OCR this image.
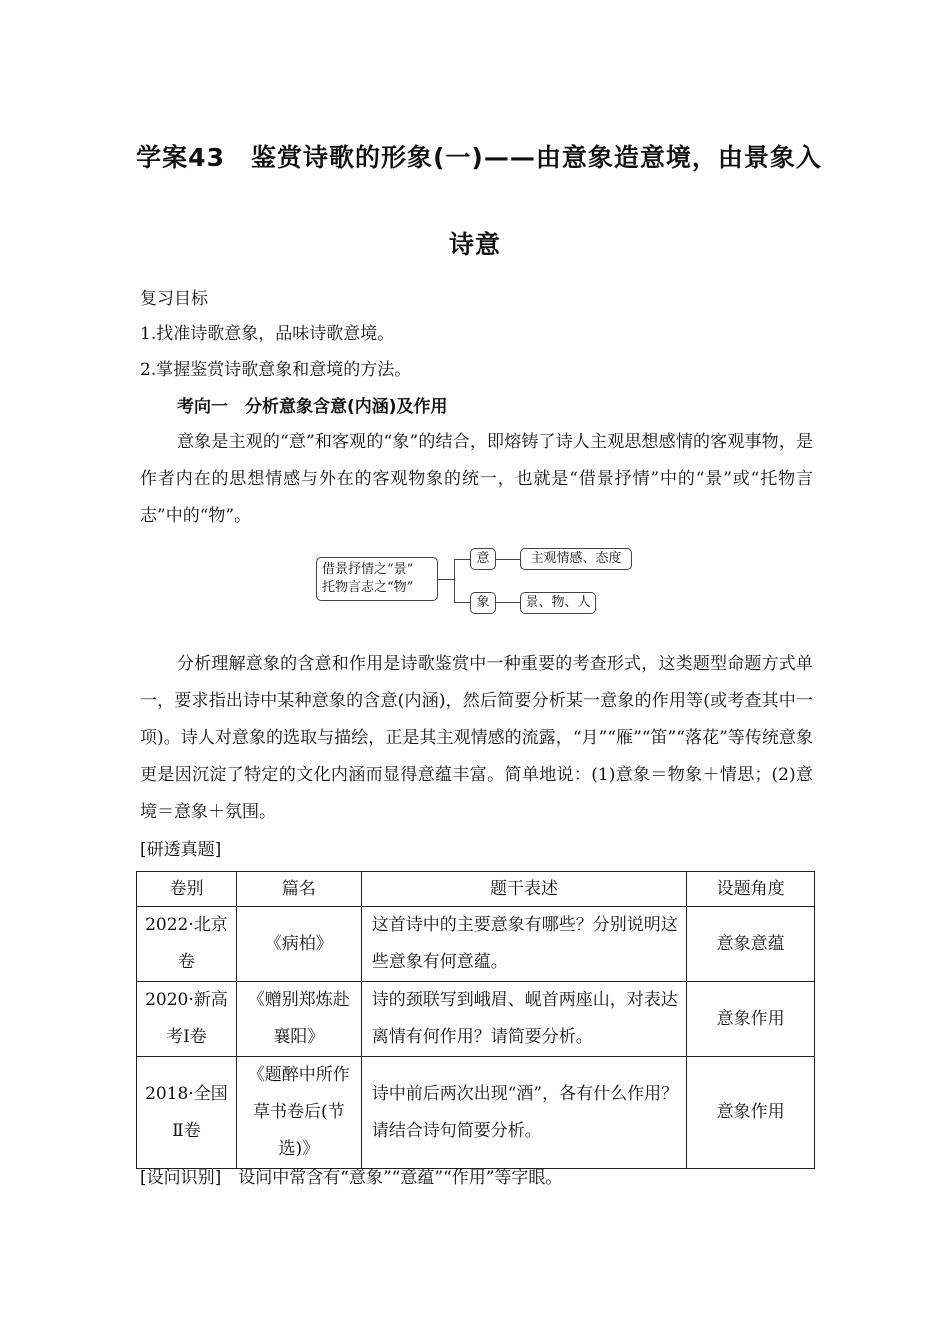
学案43　鉴赏诗歌的形象(一)——由意象造意境，由景象入
诗意
复习目标
1.找准诗歌意象，品味诗歌意境。
2.掌握鉴赏诗歌意象和意境的方法。
考向一　分析意象含意(内涵)及作用
意象是主观的“意”和客观的“象”的结合，即熔铸了诗人主观思想感情的客观事物，是作者内在的思想情感与外在的客观物象的统一，也就是“借景抒情”中的“景”或“托物言志”中的“物”。
借景抒情之“景”
托物言志之“物”
意
象
主观情感、态度
景、物、人
分析理解意象的含意和作用是诗歌鉴赏中一种重要的考查形式，这类题型命题方式单一，要求指出诗中某种意象的含意(内涵)，然后简要分析某一意象的作用等(或考查其中一项)。诗人对意象的选取与描绘，正是其主观情感的流露，“月”“雁”“笛”“落花”等传统意象更是因沉淀了特定的文化内涵而显得意蕴丰富。简单地说：(1)意象＝物象＋情思；(2)意境＝意象＋氛围。
[研透真题]
卷别	篇名	题干表述	设题角度
2022·北京卷	《病柏》	这首诗中的主要意象有哪些？分别说明这些意象有何意蕴。	意象意蕴
2020·新高考Ⅰ卷	《赠别郑炼赴襄阳》	诗的颈联写到峨眉、岘首两座山，对表达离情有何作用？请简要分析。	意象作用
2018·全国Ⅱ卷	《题醉中所作草书卷后(节选)》	诗中前后两次出现“酒”，各有什么作用？请结合诗句简要分析。	意象作用
[设问识别] 设问中常含有“意象”“意蕴”“作用”等字眼。
